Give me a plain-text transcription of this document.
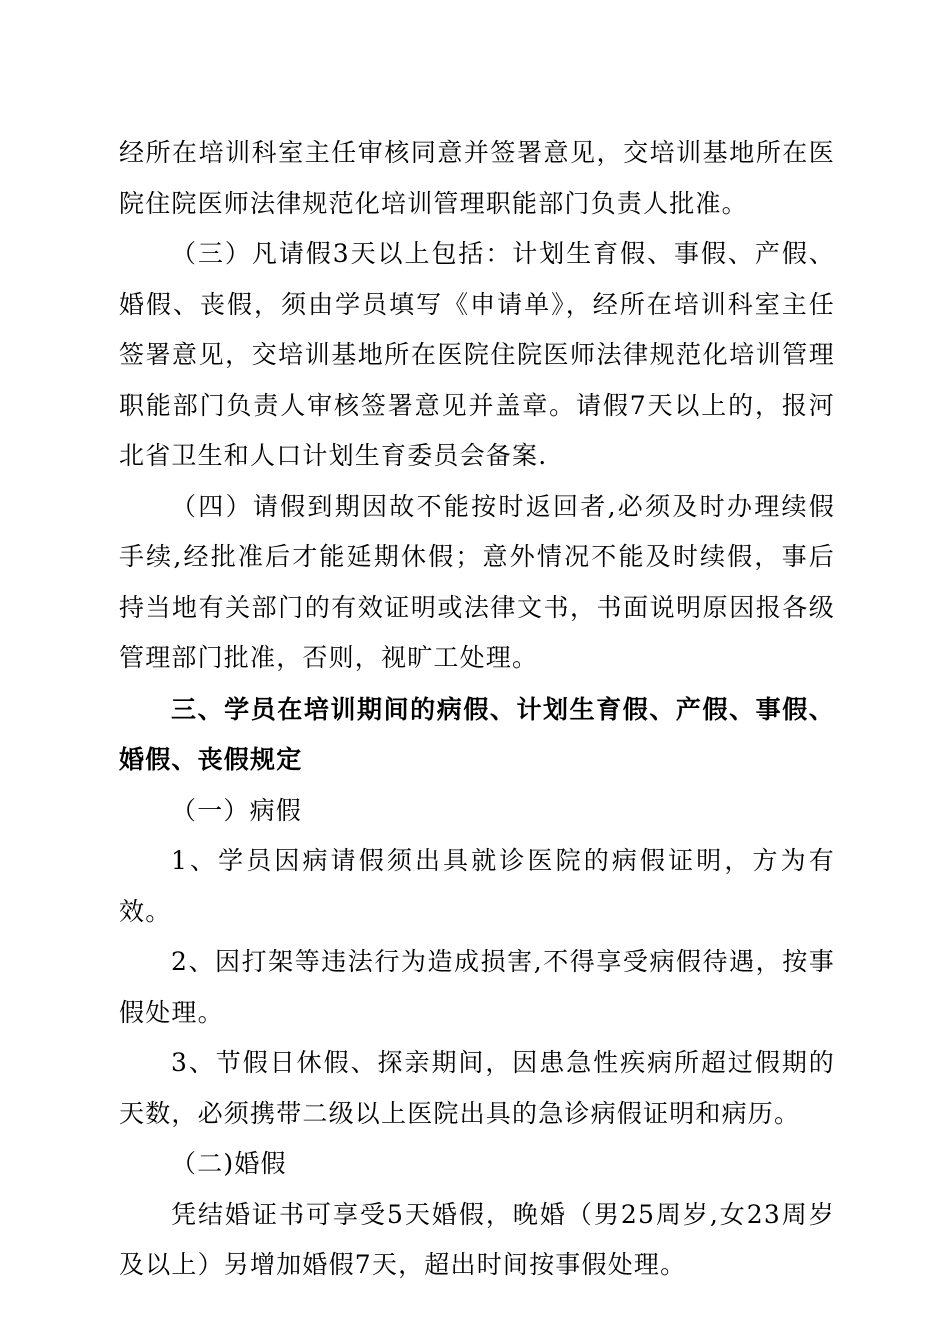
经所在培训科室主任审核同意并签署意见，交培训基地所在医院住院医师法律规范化培训管理职能部门负责人批准。

（三）凡请假3天以上包括：计划生育假、事假、产假、婚假、丧假，须由学员填写《申请单》，经所在培训科室主任签署意见，交培训基地所在医院住院医师法律规范化培训管理职能部门负责人审核签署意见并盖章。请假7天以上的，报河北省卫生和人口计划生育委员会备案.

（四）请假到期因故不能按时返回者,必须及时办理续假手续,经批准后才能延期休假；意外情况不能及时续假，事后持当地有关部门的有效证明或法律文书，书面说明原因报各级管理部门批准，否则，视旷工处理。

三、学员在培训期间的病假、计划生育假、产假、事假、婚假、丧假规定

（一）病假

1、学员因病请假须出具就诊医院的病假证明，方为有效。

2、因打架等违法行为造成损害,不得享受病假待遇，按事假处理。

3、节假日休假、探亲期间，因患急性疾病所超过假期的天数，必须携带二级以上医院出具的急诊病假证明和病历。

（二)婚假

凭结婚证书可享受5天婚假，晚婚（男25周岁,女23周岁及以上）另增加婚假7天，超出时间按事假处理。
